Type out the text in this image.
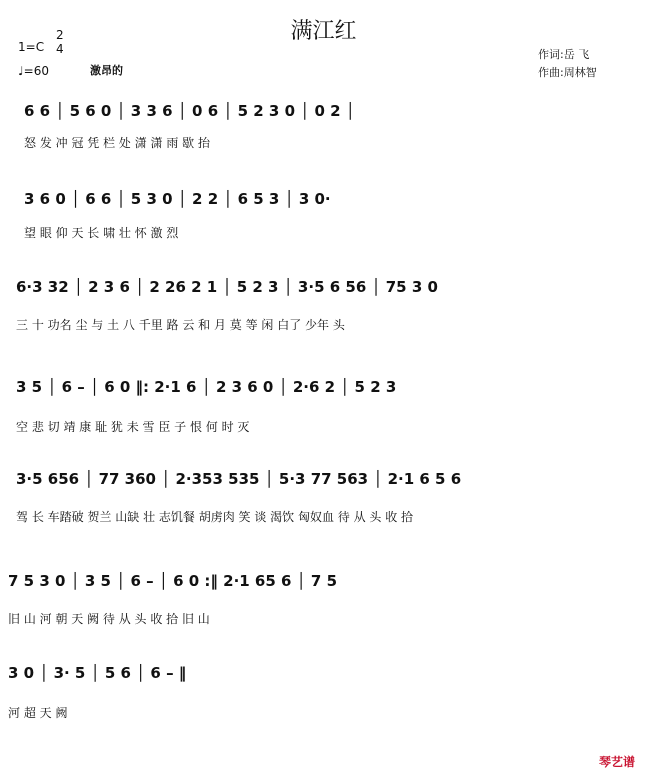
满江红
1=C
2
4
♩=60	激昂的
作词:岳 飞
作曲:周林智
6 6 │ 5 6 0 │ 3 3 6 │ 0 6 │ 5 2 3 0 │ 0 2 │
怒 发 冲 冠 凭 栏 处 潇 潇 雨 歇 抬
3 6 0 │ 6 6 │ 5 3 0 │ 2 2 │ 6 5 3 │ 3 0·
望 眼 仰 天 长 啸 壮 怀 激 烈
6·3 32 │ 2 3 6 │ 2 26 2 1 │ 5 2 3 │ 3·5 6 56 │ 75 3 0
三 十 功名 尘 与 土 八 千里 路 云 和 月 莫 等 闲 白了 少年 头
3 5 │ 6 – │ 6 0 ‖: 2·1 6 │ 2 3 6 0 │ 2·6 2 │ 5 2 3
空 悲 切 靖 康 耻 犹 未 雪 臣 子 恨 何 时 灭
3·5 656 │ 77 360 │ 2·353 535 │ 5·3 77 563 │ 2·1 6 5 6
驾 长 车踏破 贺兰 山缺 壮 志饥餐 胡虏肉 笑 谈 渴饮 匈奴血 待 从 头 收 拾
7 5 3 0 │ 3 5 │ 6 – │ 6 0 :‖ 2·1 65 6 │ 7 5
旧 山 河 朝 天 阙 待 从 头 收 拾 旧 山
3 0 │ 3· 5 │ 5 6 │ 6 – ‖
河 超 天 阙
琴艺谱
